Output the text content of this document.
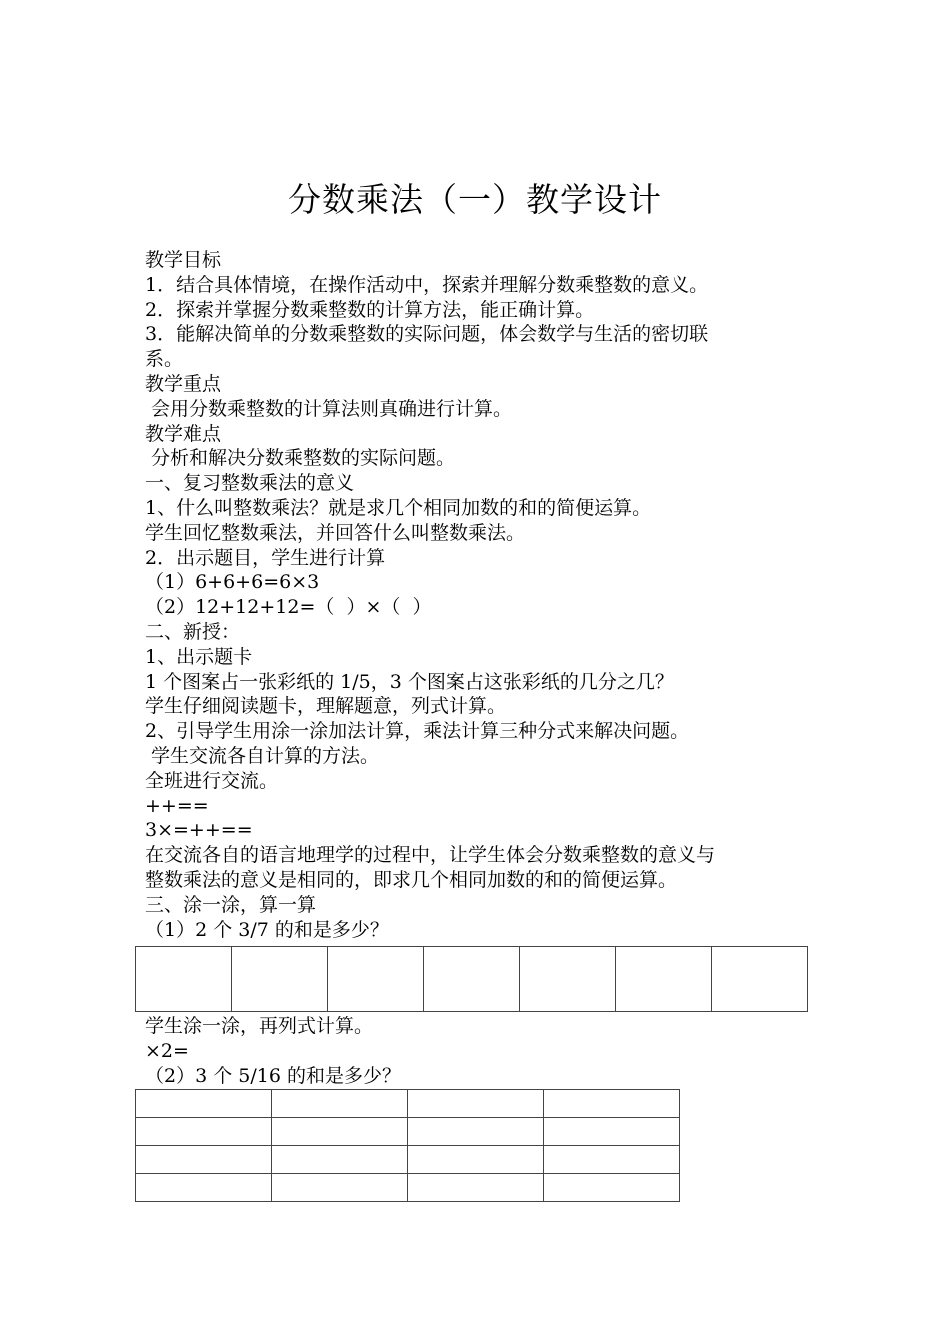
分数乘法（一）教学设计
教学目标
1．结合具体情境，在操作活动中，探索并理解分数乘整数的意义。
2．探索并掌握分数乘整数的计算方法，能正确计算。
3．能解决简单的分数乘整数的实际问题，体会数学与生活的密切联
系。
教学重点
会用分数乘整数的计算法则真确进行计算。
教学难点
分析和解决分数乘整数的实际问题。
一、复习整数乘法的意义
1、什么叫整数乘法？就是求几个相同加数的和的简便运算。
学生回忆整数乘法，并回答什么叫整数乘法。
2．出示题目，学生进行计算
（1）6+6+6=6×3
（2）12+12+12=（  ）×（  ）
二、新授：
1、出示题卡
1 个图案占一张彩纸的 1/5，3 个图案占这张彩纸的几分之几？
学生仔细阅读题卡，理解题意，列式计算。
2、引导学生用涂一涂加法计算，乘法计算三种分式来解决问题。
学生交流各自计算的方法。
全班进行交流。
++==
3×=++==
在交流各自的语言地理学的过程中，让学生体会分数乘整数的意义与
整数乘法的意义是相同的，即求几个相同加数的和的简便运算。
三、涂一涂，算一算
（1）2 个 3/7 的和是多少？

学生涂一涂，再列式计算。
×2=
（2）3 个 5/16 的和是多少？
